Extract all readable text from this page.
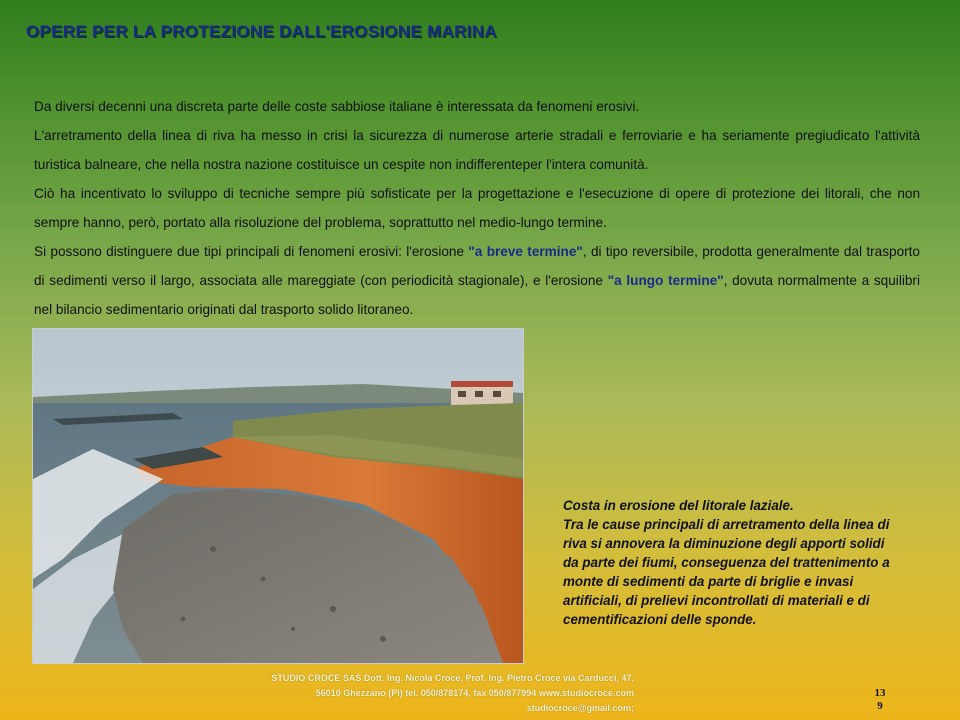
OPERE PER LA PROTEZIONE DALL'EROSIONE MARINA

Da diversi decenni una discreta parte delle coste sabbiose italiane è interessata da fenomeni erosivi.

L'arretramento della linea di riva ha messo in crisi la sicurezza di numerose arterie stradali e ferroviarie e ha seriamente pregiudicato l'attività turistica balneare, che nella nostra nazione costituisce un cespite non indifferenteper l'intera comunità.

Ciò ha incentivato lo sviluppo di tecniche sempre più sofisticate per la progettazione e l'esecuzione di opere di protezione dei litorali, che non sempre hanno, però, portato alla risoluzione del problema, soprattutto nel medio-lungo termine.

Si possono distinguere due tipi principali di fenomeni erosivi: l'erosione "a breve termine", di tipo reversibile, prodotta generalmente dal trasporto di sedimenti verso il largo, associata alle mareggiate (con periodicità stagionale), e l'erosione "a lungo termine", dovuta normalmente a squilibri nel bilancio sedimentario originati dal trasporto solido litoraneo.

Costa in erosione del litorale laziale.
Tra le cause principali di arretramento della linea di riva si annovera la diminuzione degli apporti solidi da parte dei fiumi, conseguenza del trattenimento a monte di sedimenti da parte di briglie e invasi artificiali, di prelievi incontrollati di materiali e di cementificazioni delle sponde.
STUDIO CROCE SAS Dott. Ing. Nicola Croce, Prof. Ing. Pietro Croce via Carducci, 47,
56010 Ghezzano (PI) tel. 050/878174, fax 050/877994 www.studiocroce.com
studiocroce@gmail.com;
13
9
